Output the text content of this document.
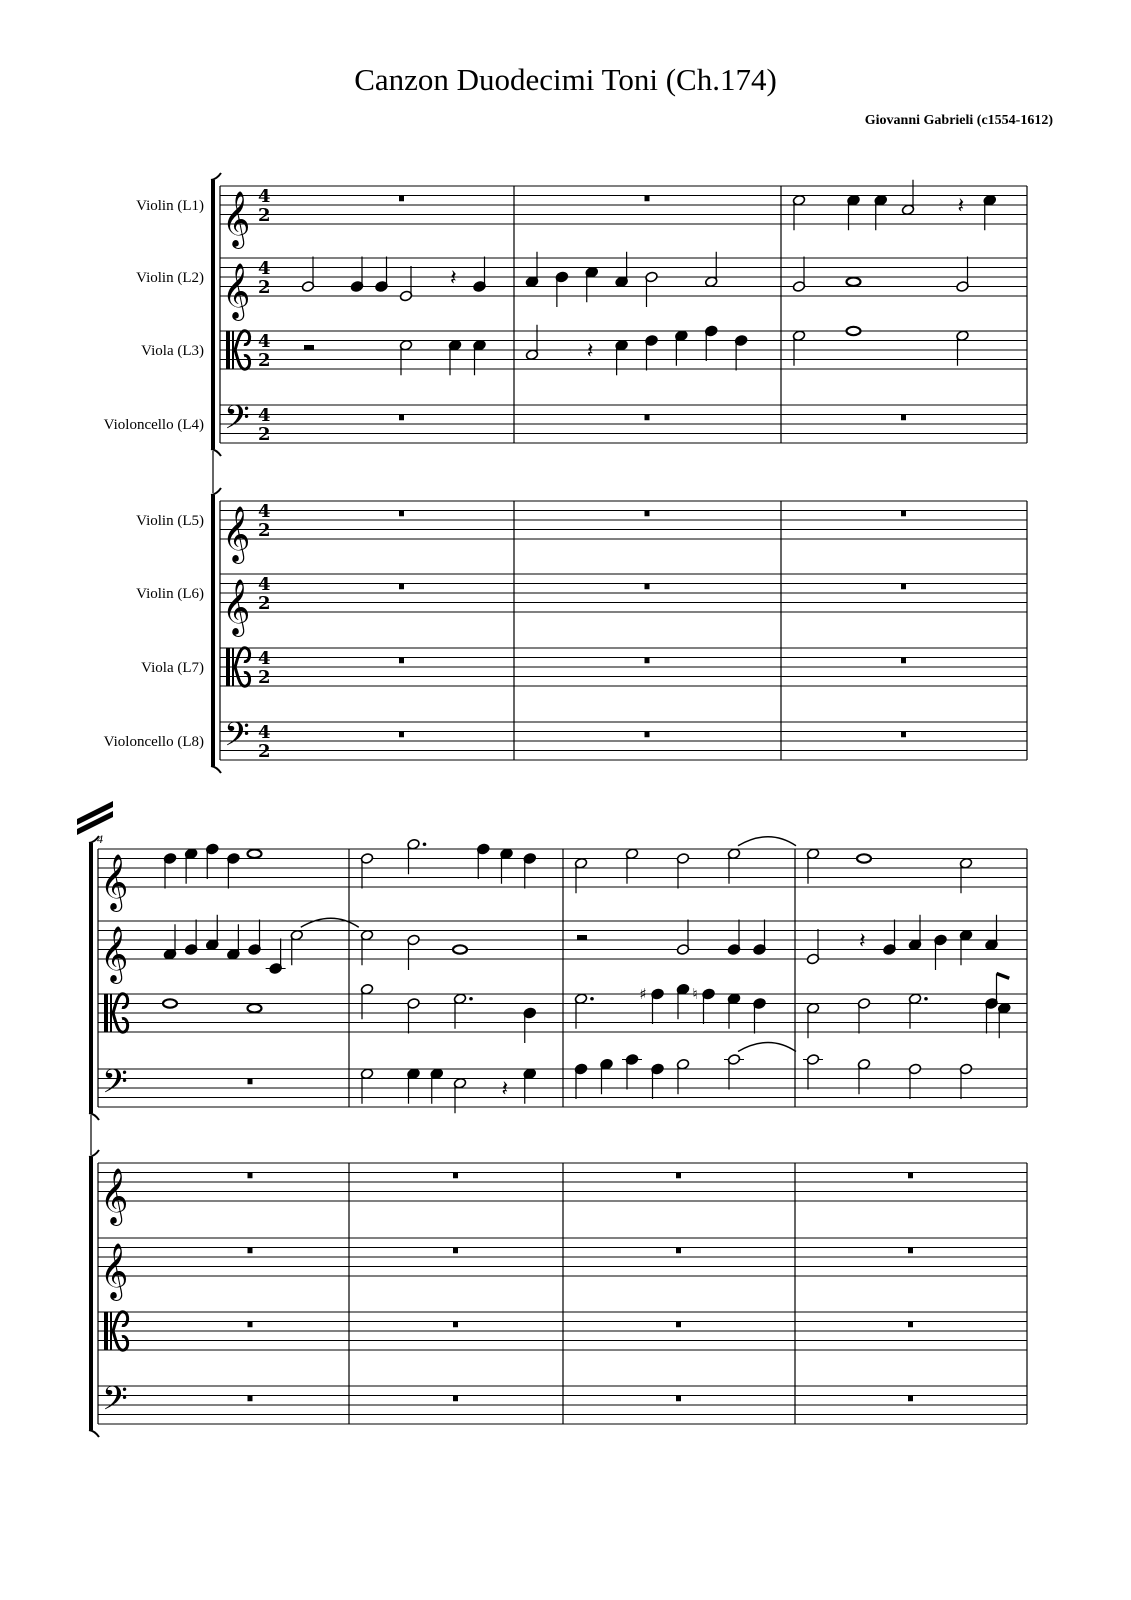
Canzon Duodecimi Toni (Ch.174)
Giovanni Gabrieli (c1554-1612)
𝄞
Violin (L1)	4
2
𝄞
Violin (L2)	4
2
Viola (L3)	4
2
𝄢
Violoncello (L4)	4
2
𝄞
Violin (L5)	4
2
𝄞
Violin (L6)	4
2
Viola (L7)	4
2
𝄢
Violoncello (L8)	4
2
𝄽
𝄽
𝄽
𝄞
𝄞
𝄢
𝄞
𝄞
𝄢
4
𝄽
♯	♮
𝄽
